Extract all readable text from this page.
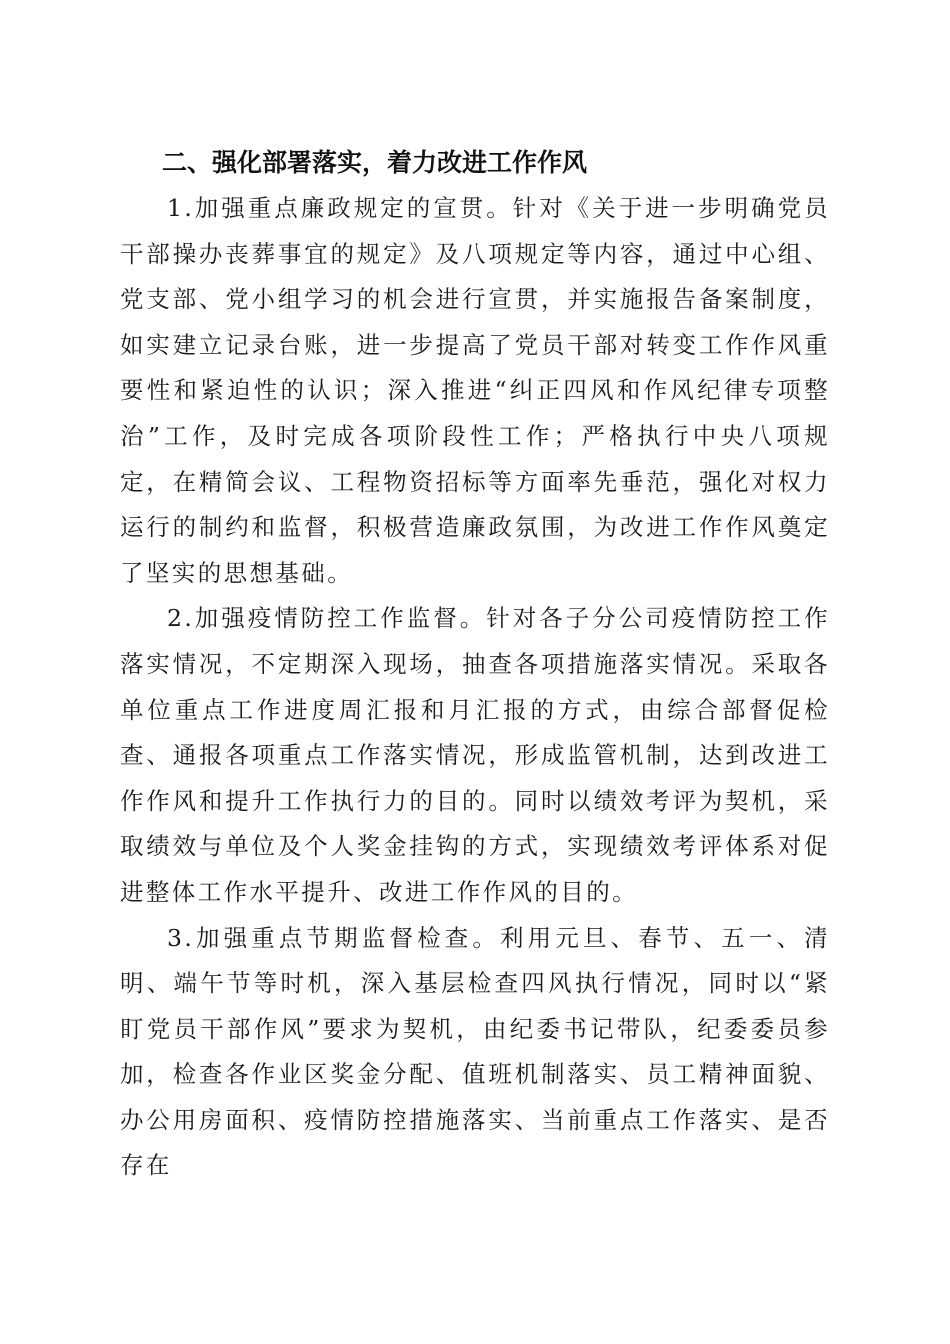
二、强化部署落实，着力改进工作作风

1.加强重点廉政规定的宣贯。针对《关于进一步明确党员干部操办丧葬事宜的规定》及八项规定等内容，通过中心组、党支部、党小组学习的机会进行宣贯，并实施报告备案制度，如实建立记录台账，进一步提高了党员干部对转变工作作风重要性和紧迫性的认识；深入推进“纠正四风和作风纪律专项整治”工作，及时完成各项阶段性工作；严格执行中央八项规定，在精简会议、工程物资招标等方面率先垂范，强化对权力运行的制约和监督，积极营造廉政氛围，为改进工作作风奠定了坚实的思想基础。

2.加强疫情防控工作监督。针对各子分公司疫情防控工作落实情况，不定期深入现场，抽查各项措施落实情况。采取各单位重点工作进度周汇报和月汇报的方式，由综合部督促检查、通报各项重点工作落实情况，形成监管机制，达到改进工作作风和提升工作执行力的目的。同时以绩效考评为契机，采取绩效与单位及个人奖金挂钩的方式，实现绩效考评体系对促进整体工作水平提升、改进工作作风的目的。

3.加强重点节期监督检查。利用元旦、春节、五一、清明、端午节等时机，深入基层检查四风执行情况，同时以“紧盯党员干部作风”要求为契机，由纪委书记带队，纪委委员参加，检查各作业区奖金分配、值班机制落实、员工精神面貌、办公用房面积、疫情防控措施落实、当前重点工作落实、是否存在
